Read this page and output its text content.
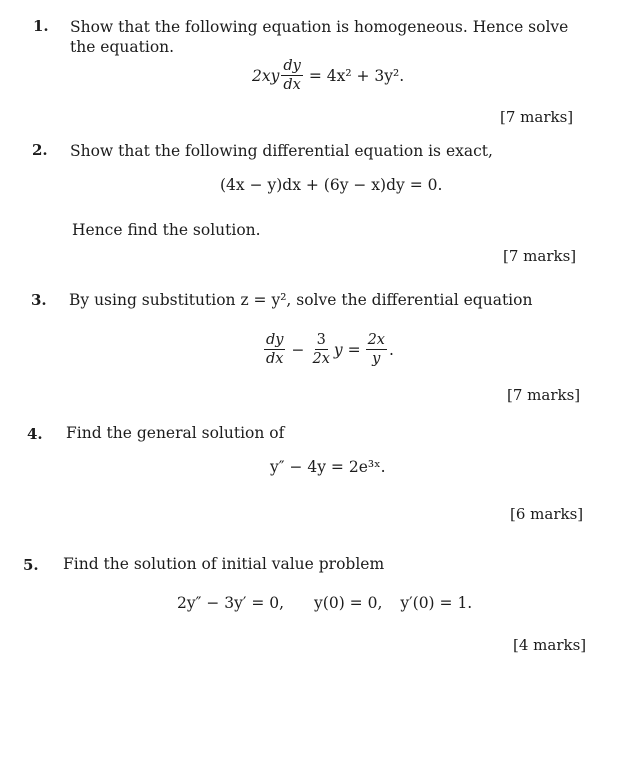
1. Show that the following equation is homogeneous. Hence solve the equation.
$2xy \frac{dy}{dx} = 4x^2 + 3y^2$.
[7 marks]
2. Show that the following differential equation is exact,
(4x − y)dx + (6y − x)dy = 0.
Hence find the solution.
[7 marks]
3. By using substitution z = y², solve the differential equation
$\frac{dy}{dx} - \frac{3}{2x}$ $y = \frac{2x}{y}$ .
[7 marks]
4. Find the general solution of
y″ − 4y = 2e³ˣ.
[6 marks]
5. Find the solution of initial value problem
2y″ − 3y′ = 0, y(0) = 0, y′(0) = 1.
[4 marks]
